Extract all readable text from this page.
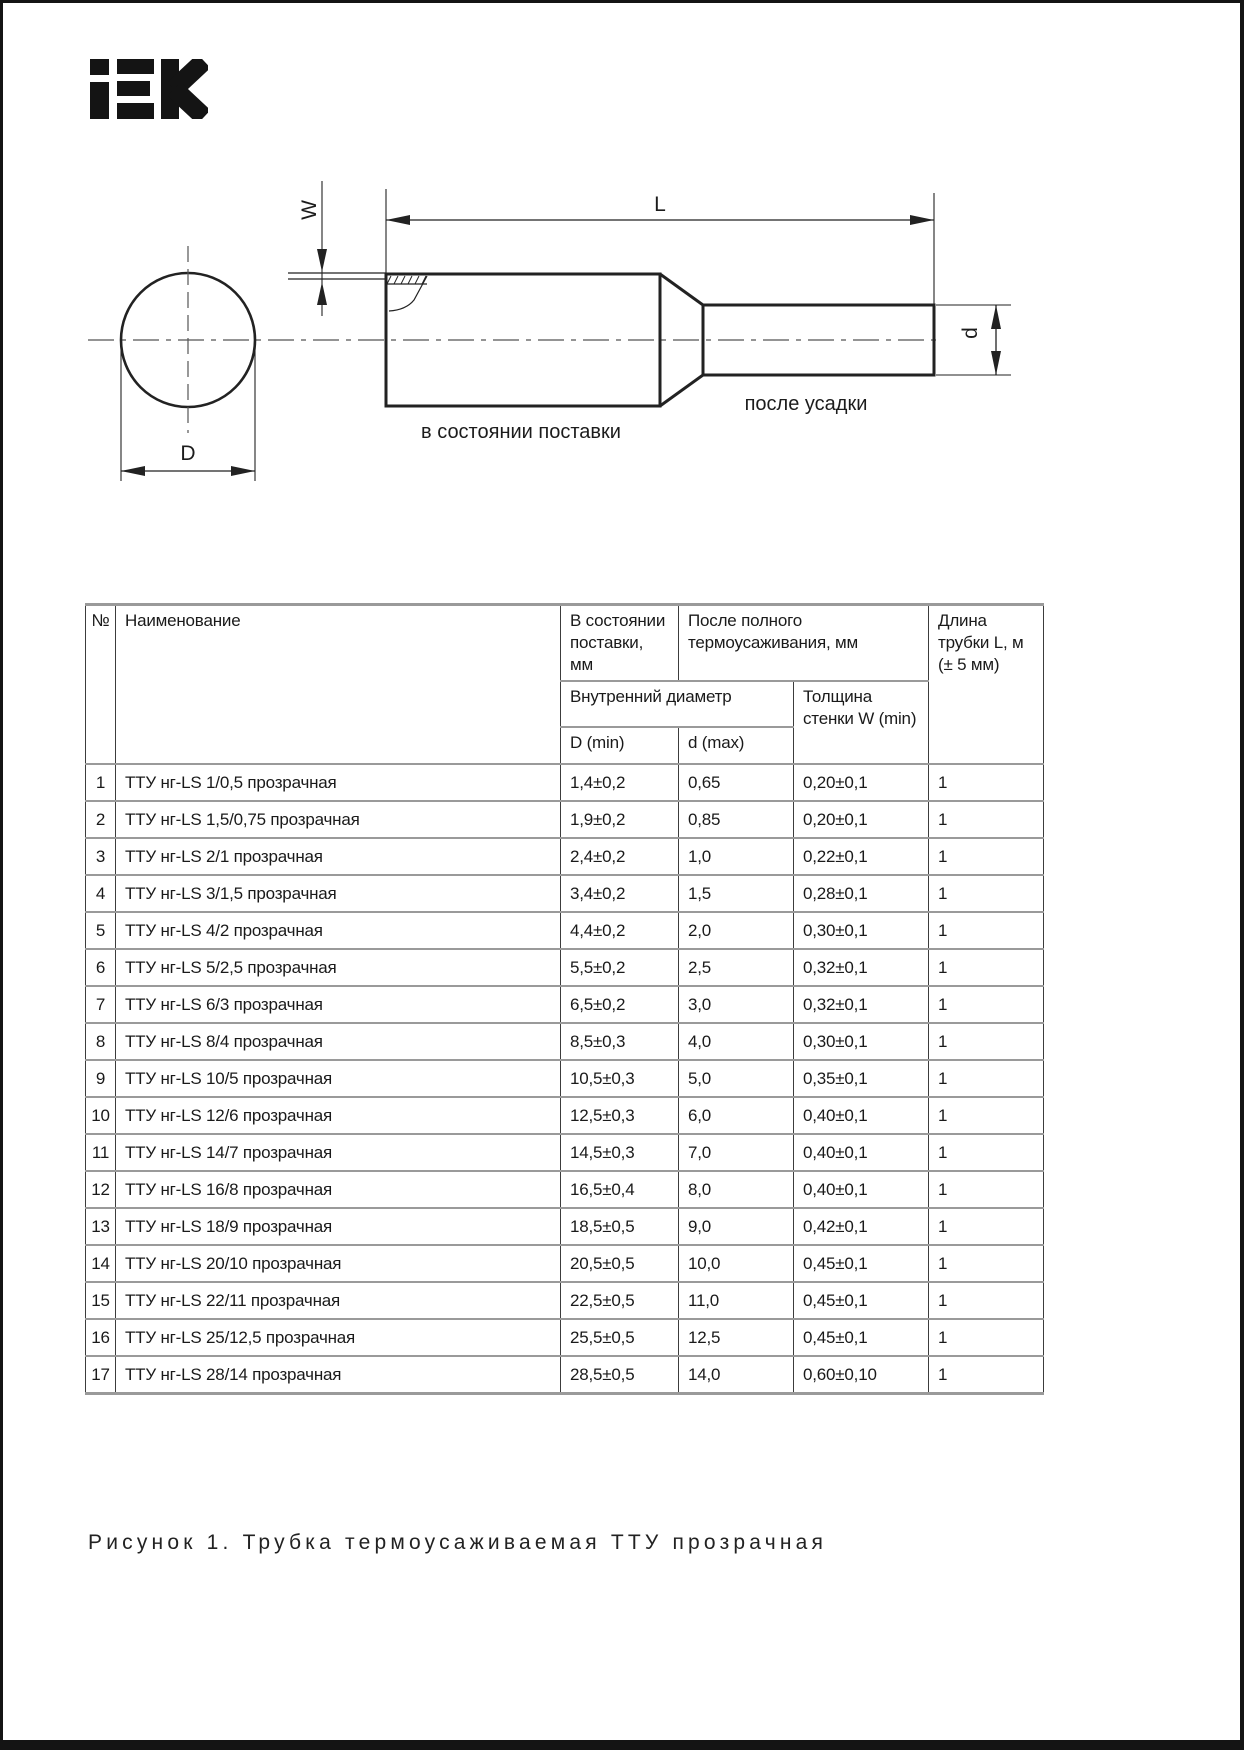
W	L
D
d
в состоянии поставки
после усадки
№	Наименование	В состоянии поставки, мм	После полного термоусаживания, мм		Длина трубки L, м (± 5 мм)
		Внутренний диаметр		Толщина стенки W (min)	
		D (min)	d (max)		
1	ТТУ нг-LS 1/0,5 прозрачная	1,4±0,2	0,65	0,20±0,1	1
2	ТТУ нг-LS 1,5/0,75 прозрачная	1,9±0,2	0,85	0,20±0,1	1
3	ТТУ нг-LS 2/1 прозрачная	2,4±0,2	1,0	0,22±0,1	1
4	ТТУ нг-LS 3/1,5 прозрачная	3,4±0,2	1,5	0,28±0,1	1
5	ТТУ нг-LS 4/2 прозрачная	4,4±0,2	2,0	0,30±0,1	1
6	ТТУ нг-LS 5/2,5 прозрачная	5,5±0,2	2,5	0,32±0,1	1
7	ТТУ нг-LS 6/3 прозрачная	6,5±0,2	3,0	0,32±0,1	1
8	ТТУ нг-LS 8/4 прозрачная	8,5±0,3	4,0	0,30±0,1	1
9	ТТУ нг-LS 10/5 прозрачная	10,5±0,3	5,0	0,35±0,1	1
10	ТТУ нг-LS 12/6 прозрачная	12,5±0,3	6,0	0,40±0,1	1
11	ТТУ нг-LS 14/7 прозрачная	14,5±0,3	7,0	0,40±0,1	1
12	ТТУ нг-LS 16/8 прозрачная	16,5±0,4	8,0	0,40±0,1	1
13	ТТУ нг-LS 18/9 прозрачная	18,5±0,5	9,0	0,42±0,1	1
14	ТТУ нг-LS 20/10 прозрачная	20,5±0,5	10,0	0,45±0,1	1
15	ТТУ нг-LS 22/11 прозрачная	22,5±0,5	11,0	0,45±0,1	1
16	ТТУ нг-LS 25/12,5 прозрачная	25,5±0,5	12,5	0,45±0,1	1
17	ТТУ нг-LS 28/14 прозрачная	28,5±0,5	14,0	0,60±0,10	1
Рисунок 1. Трубка термоусаживаемая ТТУ прозрачная
